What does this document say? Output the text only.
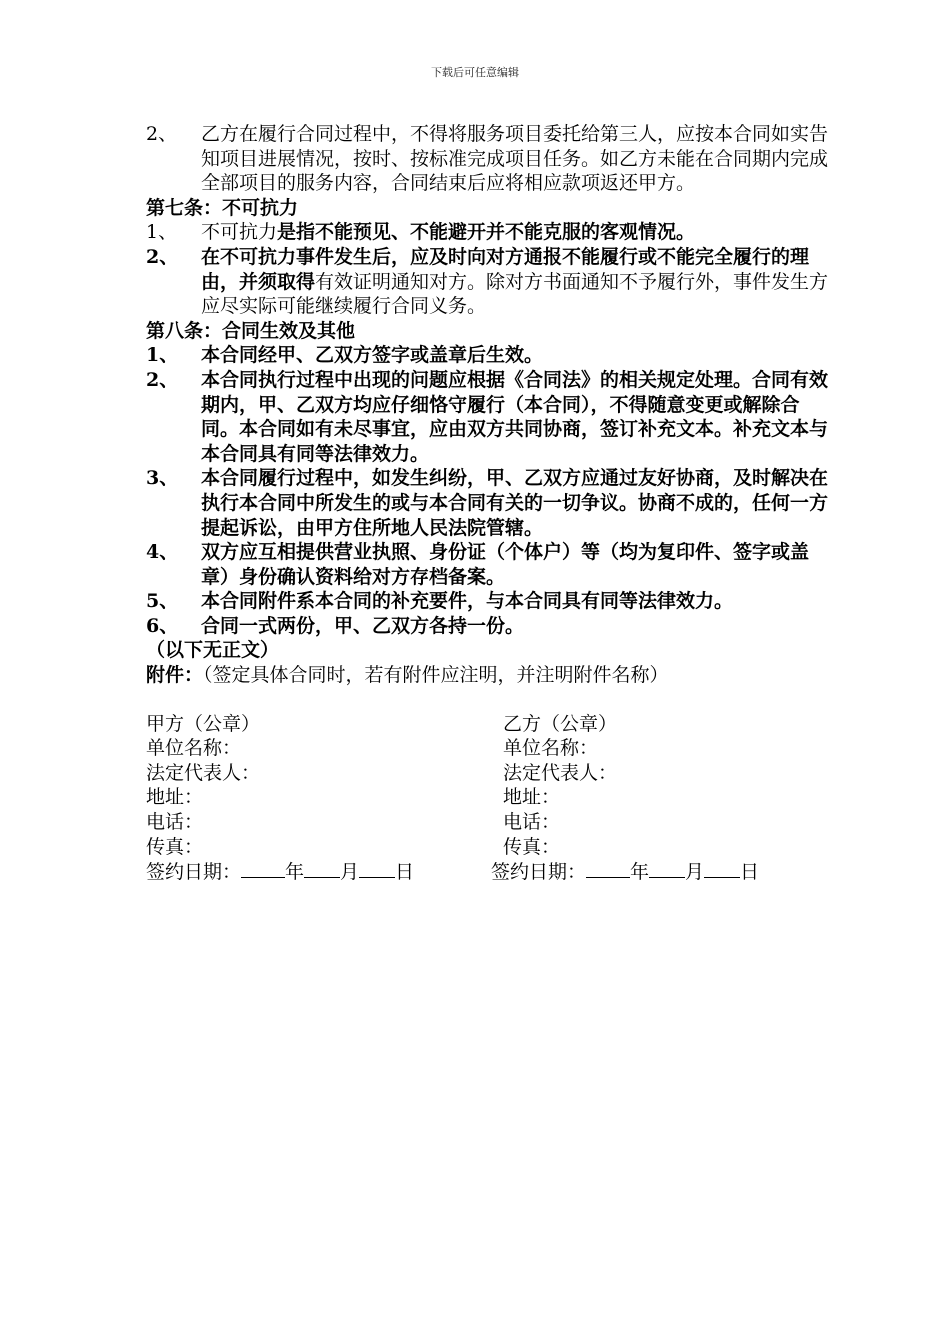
下载后可任意编辑
2、 乙方在履行合同过程中，不得将服务项目委托给第三人，应按本合同如实告知项目进展情况，按时、按标准完成项目任务。如乙方未能在合同期内完成全部项目的服务内容，合同结束后应将相应款项返还甲方。
第七条：不可抗力
1、 不可抗力是指不能预见、不能避开并不能克服的客观情况。
2、 在不可抗力事件发生后，应及时向对方通报不能履行或不能完全履行的理由，并须取得有效证明通知对方。除对方书面通知不予履行外，事件发生方应尽实际可能继续履行合同义务。
第八条：合同生效及其他
1、 本合同经甲、乙双方签字或盖章后生效。
2、 本合同执行过程中出现的问题应根据《合同法》的相关规定处理。合同有效期内，甲、乙双方均应仔细恪守履行（本合同），不得随意变更或解除合同。本合同如有未尽事宜，应由双方共同协商，签订补充文本。补充文本与本合同具有同等法律效力。
3、 本合同履行过程中，如发生纠纷，甲、乙双方应通过友好协商，及时解决在执行本合同中所发生的或与本合同有关的一切争议。协商不成的，任何一方提起诉讼，由甲方住所地人民法院管辖。
4、 双方应互相提供营业执照、身份证（个体户）等（均为复印件、签字或盖章）身份确认资料给对方存档备案。
5、 本合同附件系本合同的补充要件，与本合同具有同等法律效力。
6、 合同一式两份，甲、乙双方各持一份。
（以下无正文）
附件：（签定具体合同时，若有附件应注明，并注明附件名称）
甲方（公章）	乙方（公章）
单位名称：	单位名称：
法定代表人：	法定代表人：
地址：	地址：
电话：	电话：
传真：	传真：
签约日期： 年 月 日	签约日期： 年 月 日
